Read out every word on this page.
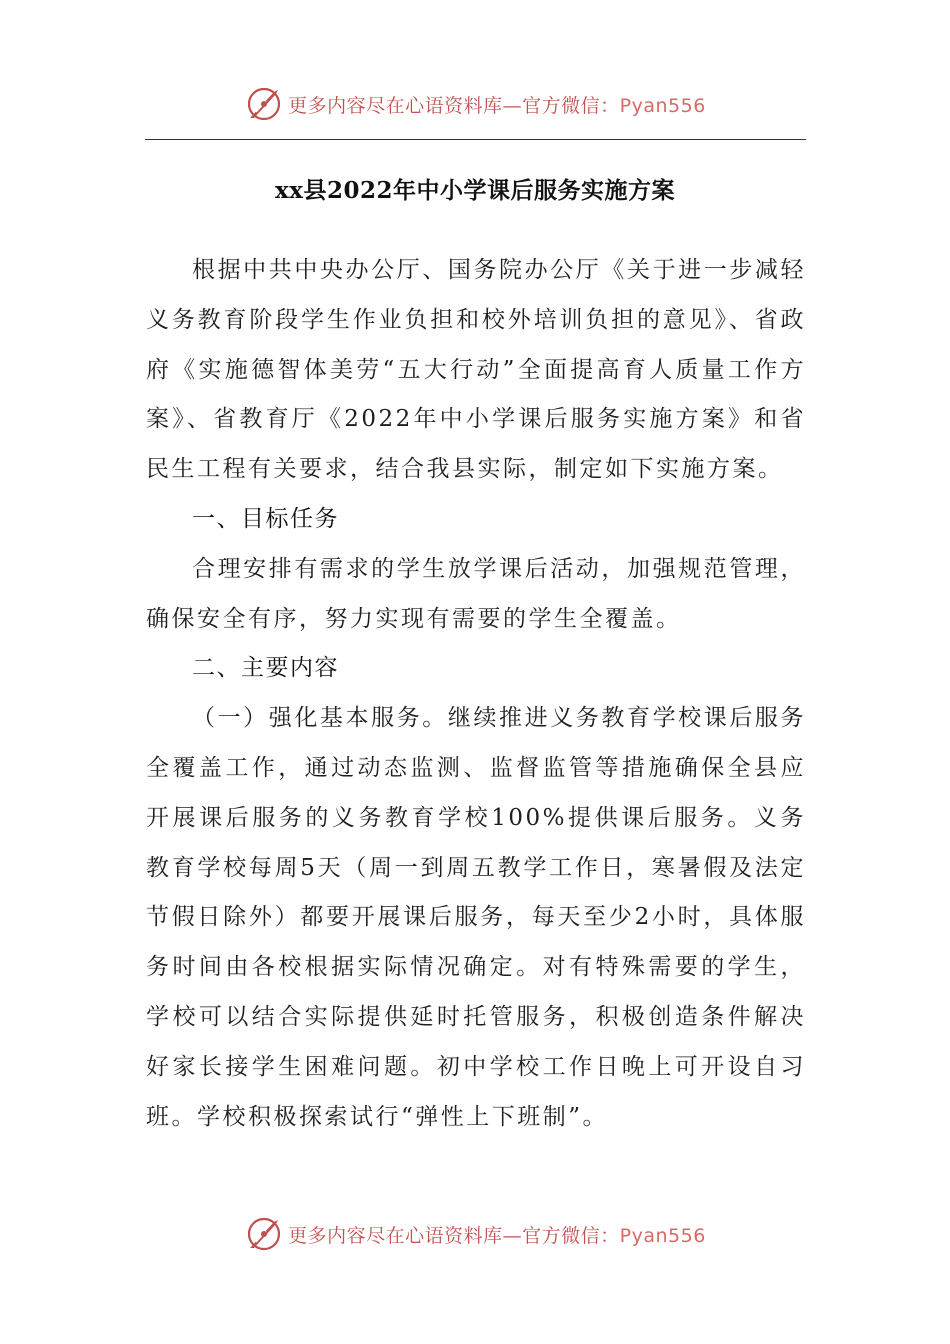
更多内容尽在心语资料库—官方微信：Pyan556
xx县2022年中小学课后服务实施方案

根据中共中央办公厅、国务院办公厅《关于进一步减轻义务教育阶段学生作业负担和校外培训负担的意见》、省政府《实施德智体美劳“五大行动”全面提高育人质量工作方案》、省教育厅《2022年中小学课后服务实施方案》和省民生工程有关要求，结合我县实际，制定如下实施方案。

一、目标任务

合理安排有需求的学生放学课后活动，加强规范管理，确保安全有序，努力实现有需要的学生全覆盖。

二、主要内容

（一）强化基本服务。继续推进义务教育学校课后服务全覆盖工作，通过动态监测、监督监管等措施确保全县应开展课后服务的义务教育学校100%提供课后服务。义务教育学校每周5天（周一到周五教学工作日，寒暑假及法定节假日除外）都要开展课后服务，每天至少2小时，具体服务时间由各校根据实际情况确定。对有特殊需要的学生，学校可以结合实际提供延时托管服务，积极创造条件解决好家长接学生困难问题。初中学校工作日晚上可开设自习班。学校积极探索试行“弹性上下班制”。

更多内容尽在心语资料库—官方微信：Pyan556
